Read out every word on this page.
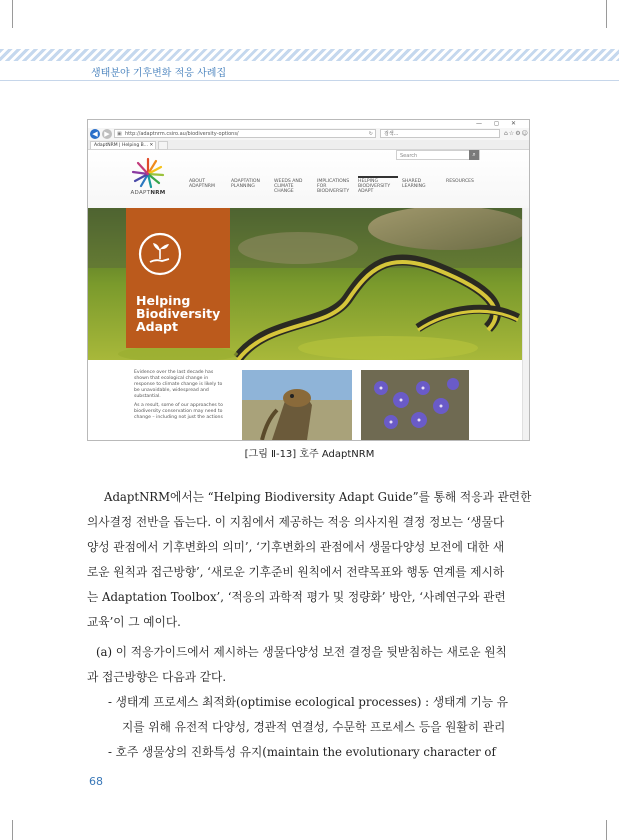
생태분야 기후변화 적응 사례집
— ◻ ✕
◀ ▶	▣ http://adaptnrm.csiro.au/biodiversity-options/	↻	검색...	⌂☆⚙☺
AdaptNRM | Helping B... ✕
ADAPTNRM
Search	⌕
ABOUT ADAPTNRM
ADAPTATION PLANNING
WEEDS AND CLIMATE CHANGE
IMPLICATIONS FOR BIODIVERSITY
HELPING BIODIVERSITY ADAPT
SHARED LEARNING
RESOURCES
Helping Biodiversity Adapt
Evidence over the last decade has shown that ecological change in response to climate change is likely to be unavoidable, widespread and substantial.
As a result, some of our approaches to biodiversity conservation may need to change – including not just the actions
[그림 Ⅱ-13] 호주 AdaptNRM
AdaptNRM에서는 “Helping Biodiversity Adapt Guide”를 통해 적응과 관련한
의사결정 전반을 돕는다. 이 지침에서 제공하는 적응 의사지원 결정 정보는 ‘생물다
양성 관점에서 기후변화의 의미’, ‘기후변화의 관점에서 생물다양성 보전에 대한 새
로운 원칙과 접근방향’, ‘새로운 기후준비 원칙에서 전략목표와 행동 연계를 제시하
는 Adaptation Toolbox’, ‘적응의 과학적 평가 및 정량화’ 방안, ‘사례연구와 관련
교육’이 그 예이다.
(a) 이 적응가이드에서 제시하는 생물다양성 보전 결정을 뒷받침하는 새로운 원칙
과 접근방향은 다음과 같다.
- 생태계 프로세스 최적화(optimise ecological processes) : 생태계 기능 유
지를 위해 유전적 다양성, 경관적 연결성, 수문학 프로세스 등을 원활히 관리
- 호주 생물상의 진화특성 유지(maintain the evolutionary character of
68
